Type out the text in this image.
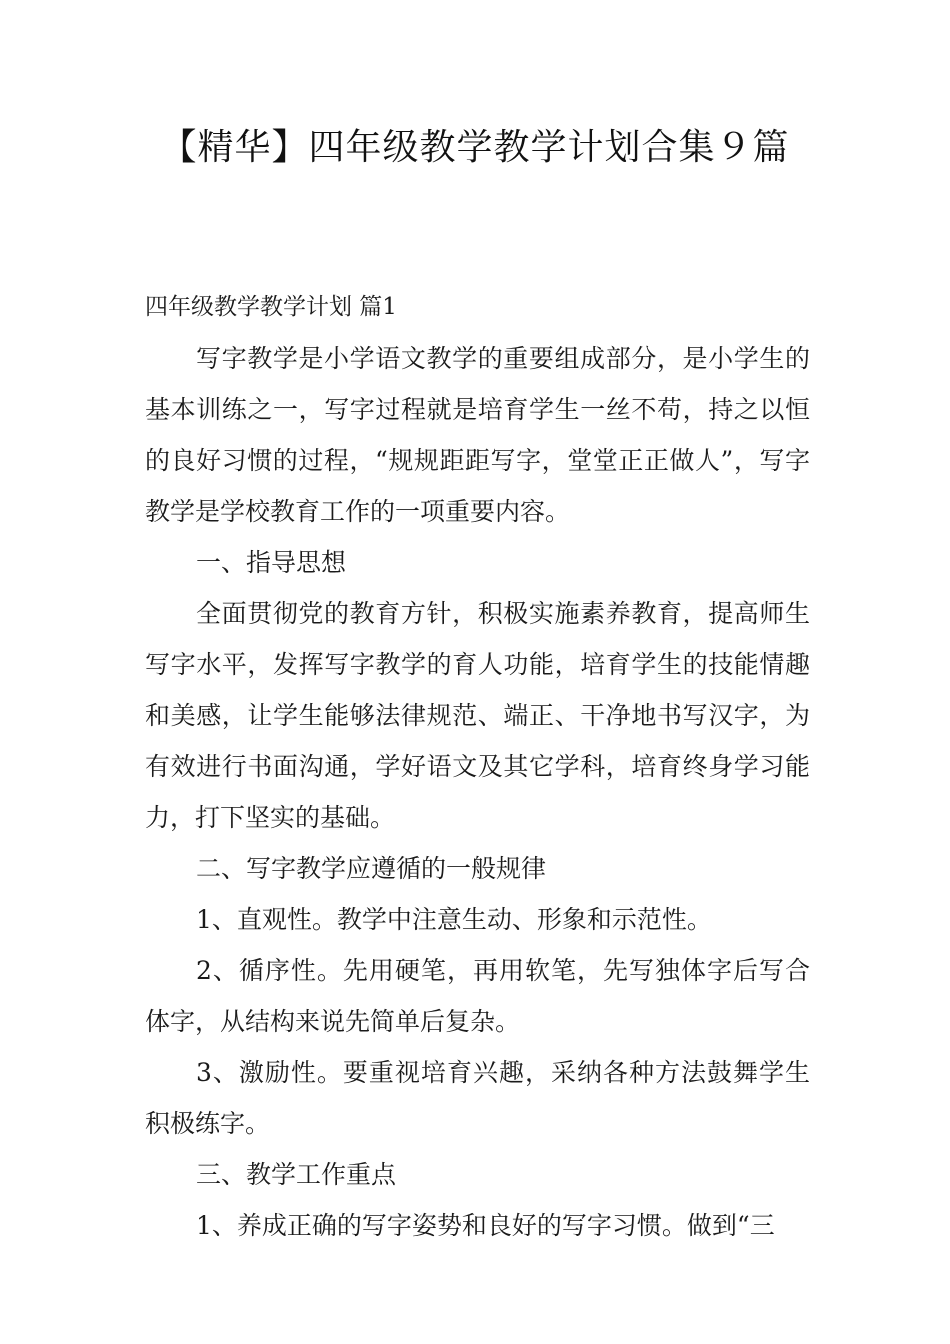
【精华】四年级教学教学计划合集９篇

四年级教学教学计划 篇1

写字教学是小学语文教学的重要组成部分，是小学生的基本训练之一，写字过程就是培育学生一丝不苟，持之以恒的良好习惯的过程，“规规距距写字，堂堂正正做人”，写字教学是学校教育工作的一项重要内容。

一、指导思想

全面贯彻党的教育方针，积极实施素养教育，提高师生写字水平，发挥写字教学的育人功能，培育学生的技能情趣和美感，让学生能够法律规范、端正、干净地书写汉字，为有效进行书面沟通，学好语文及其它学科，培育终身学习能力，打下坚实的基础。

二、写字教学应遵循的一般规律

1、直观性。教学中注意生动、形象和示范性。

2、循序性。先用硬笔，再用软笔，先写独体字后写合体字，从结构来说先简单后复杂。

3、激励性。要重视培育兴趣，采纳各种方法鼓舞学生积极练字。

三、教学工作重点

1、养成正确的写字姿势和良好的写字习惯。做到“三
